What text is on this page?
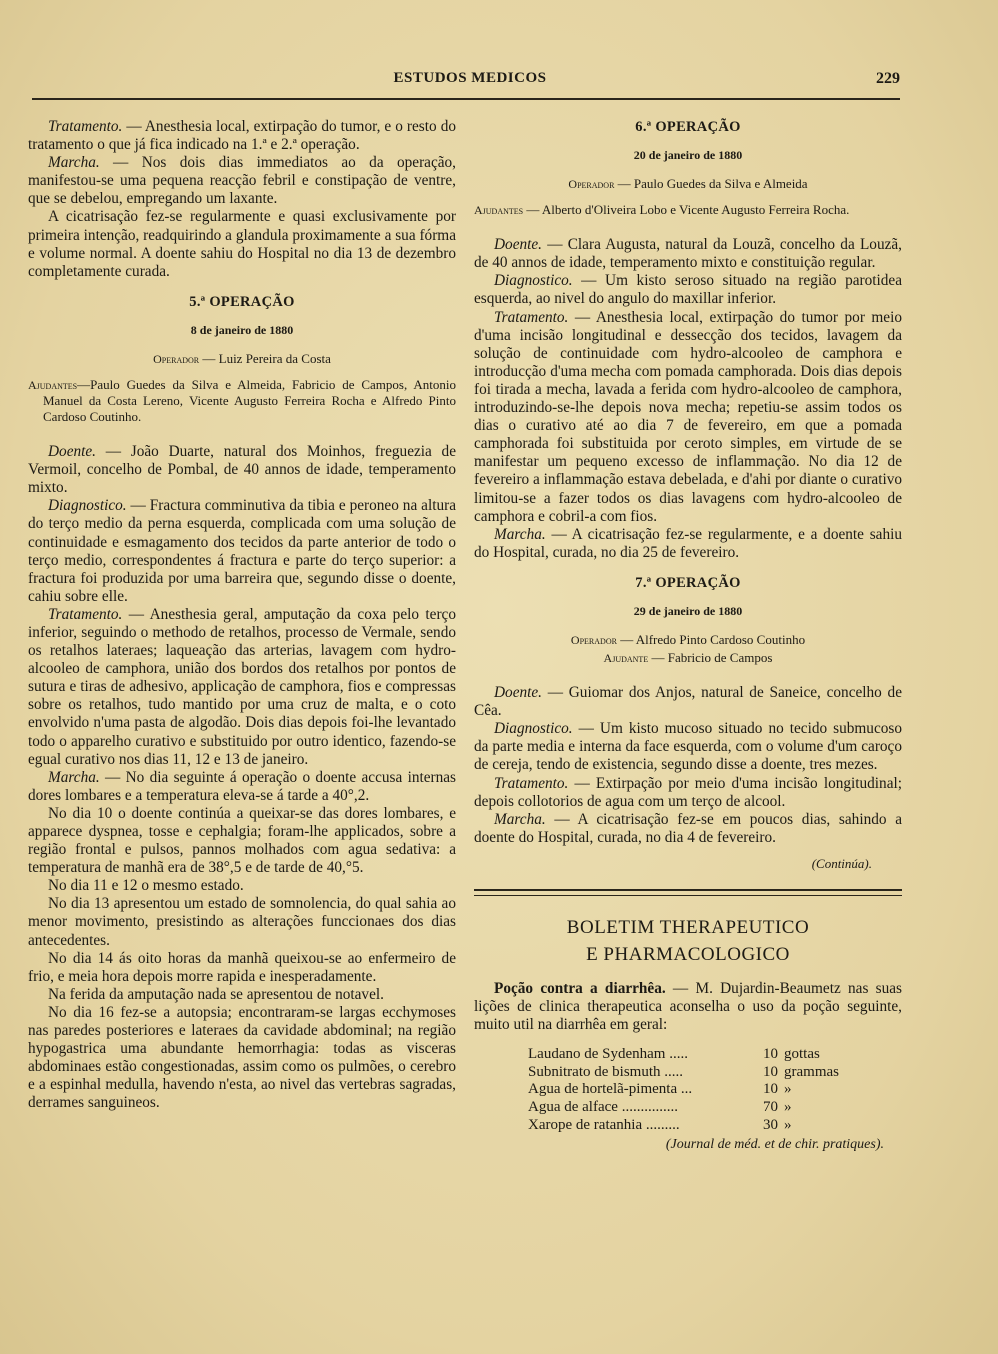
ESTUDOS MEDICOS	229

Tratamento. — Anesthesia local, extirpação do tumor, e o resto do tratamento o que já fica indicado na 1.ª e 2.ª operação.

Marcha. — Nos dois dias immediatos ao da operação, manifestou-se uma pequena reacção febril e constipação de ventre, que se debelou, empregando um laxante.

A cicatrisação fez-se regularmente e quasi exclusivamente por primeira intenção, readquirindo a glandula proximamente a sua fórma e volume normal. A doente sahiu do Hospital no dia 13 de dezembro completamente curada.

5.ª OPERAÇÃO
8 de janeiro de 1880

Operador — Luiz Pereira da Costa

Ajudantes—Paulo Guedes da Silva e Almeida, Fabricio de Campos, Antonio Manuel da Costa Lereno, Vicente Augusto Ferreira Rocha e Alfredo Pinto Cardoso Coutinho.

Doente. — João Duarte, natural dos Moinhos, freguezia de Vermoil, concelho de Pombal, de 40 annos de idade, temperamento mixto.

Diagnostico. — Fractura comminutiva da tibia e peroneo na altura do terço medio da perna esquerda, complicada com uma solução de continuidade e esmagamento dos tecidos da parte anterior de todo o terço medio, correspondentes á fractura e parte do terço superior: a fractura foi produzida por uma barreira que, segundo disse o doente, cahiu sobre elle.

Tratamento. — Anesthesia geral, amputação da coxa pelo terço inferior, seguindo o methodo de retalhos, processo de Vermale, sendo os retalhos lateraes; laqueação das arterias, lavagem com hydro-alcooleo de camphora, união dos bordos dos retalhos por pontos de sutura e tiras de adhesivo, applicação de camphora, fios e compressas sobre os retalhos, tudo mantido por uma cruz de malta, e o coto envolvido n'uma pasta de algodão. Dois dias depois foi-lhe levantado todo o apparelho curativo e substituido por outro identico, fazendo-se egual curativo nos dias 11, 12 e 13 de janeiro.

Marcha. — No dia seguinte á operação o doente accusa internas dores lombares e a temperatura eleva-se á tarde a 40°,2.

No dia 10 o doente continúa a queixar-se das dores lombares, e apparece dyspnea, tosse e cephalgia; foram-lhe applicados, sobre a região frontal e pulsos, pannos molhados com agua sedativa: a temperatura de manhã era de 38°,5 e de tarde de 40,°5.

No dia 11 e 12 o mesmo estado.

No dia 13 apresentou um estado de somnolencia, do qual sahia ao menor movimento, presistindo as alterações funccionaes dos dias antecedentes.

No dia 14 ás oito horas da manhã queixou-se ao enfermeiro de frio, e meia hora depois morre rapida e inesperadamente.

Na ferida da amputação nada se apresentou de notavel.

No dia 16 fez-se a autopsia; encontraram-se largas ecchymoses nas paredes posteriores e lateraes da cavidade abdominal; na região hypogastrica uma abundante hemorrhagia: todas as visceras abdominaes estão congestionadas, assim como os pulmões, o cerebro e a espinhal medulla, havendo n'esta, ao nivel das vertebras sagradas, derrames sanguineos.

6.ª OPERAÇÃO
20 de janeiro de 1880

Operador — Paulo Guedes da Silva e Almeida

Ajudantes — Alberto d'Oliveira Lobo e Vicente Augusto Ferreira Rocha.

Doente. — Clara Augusta, natural da Louzã, concelho da Louzã, de 40 annos de idade, temperamento mixto e constituição regular.

Diagnostico. — Um kisto seroso situado na região parotidea esquerda, ao nivel do angulo do maxillar inferior.

Tratamento. — Anesthesia local, extirpação do tumor por meio d'uma incisão longitudinal e dessecção dos tecidos, lavagem da solução de continuidade com hydro-alcooleo de camphora e introducção d'uma mecha com pomada camphorada. Dois dias depois foi tirada a mecha, lavada a ferida com hydro-alcooleo de camphora, introduzindo-se-lhe depois nova mecha; repetiu-se assim todos os dias o curativo até ao dia 7 de fevereiro, em que a pomada camphorada foi substituida por ceroto simples, em virtude de se manifestar um pequeno excesso de inflammação. No dia 12 de fevereiro a inflammação estava debelada, e d'ahi por diante o curativo limitou-se a fazer todos os dias lavagens com hydro-alcooleo de camphora e cobril-a com fios.

Marcha. — A cicatrisação fez-se regularmente, e a doente sahiu do Hospital, curada, no dia 25 de fevereiro.

7.ª OPERAÇÃO
29 de janeiro de 1880

Operador — Alfredo Pinto Cardoso Coutinho

Ajudante — Fabricio de Campos

Doente. — Guiomar dos Anjos, natural de Saneice, concelho de Cêa.

Diagnostico. — Um kisto mucoso situado no tecido submucoso da parte media e interna da face esquerda, com o volume d'um caroço de cereja, tendo de existencia, segundo disse a doente, tres mezes.

Tratamento. — Extirpação por meio d'uma incisão longitudinal; depois collotorios de agua com um terço de alcool.

Marcha. — A cicatrisação fez-se em poucos dias, sahindo a doente do Hospital, curada, no dia 4 de fevereiro.

(Continúa).
BOLETIM THERAPEUTICO
E PHARMACOLOGICO

Poção contra a diarrhêa. — M. Dujardin-Beaumetz nas suas lições de clinica therapeutica aconselha o uso da poção seguinte, muito util na diarrhêa em geral:

Laudano de Sydenham .....	10 gottas
Subnitrato de bismuth .....	10 grammas
Agua de hortelã-pimenta ...	10 »
Agua de alface ...............	70 »
Xarope de ratanhia .........	30 »
(Journal de méd. et de chir. pratiques).
